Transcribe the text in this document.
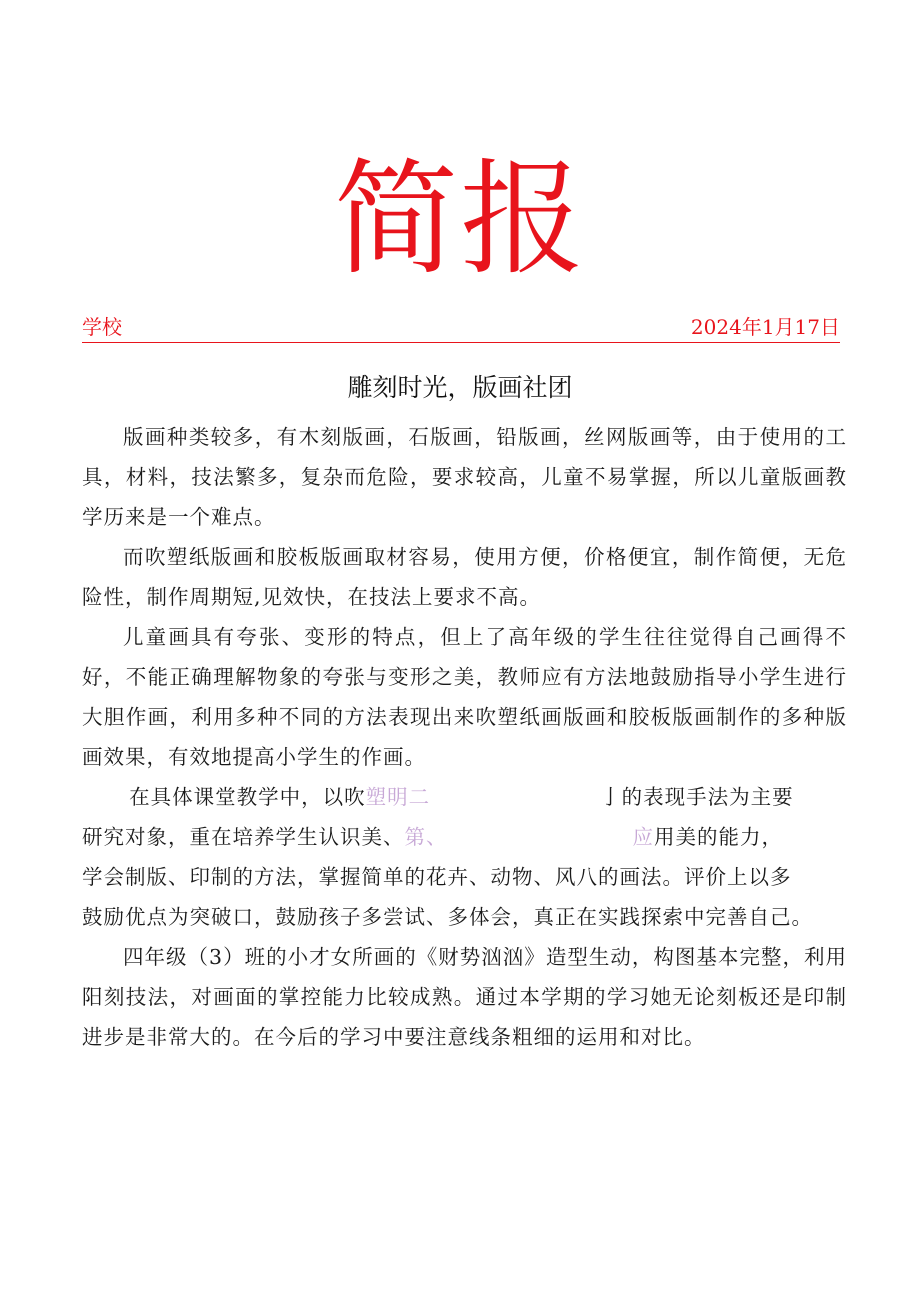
简报
学校	2024年1月17日
雕刻时光，版画社团

版画种类较多，有木刻版画，石版画，铅版画，丝网版画等，由于使用的工具，材料，技法繁多，复杂而危险，要求较高，儿童不易掌握，所以儿童版画教学历来是一个难点。

而吹塑纸版画和胶板版画取材容易，使用方便，价格便宜，制作简便，无危险性，制作周期短,见效快，在技法上要求不高。

儿童画具有夸张、变形的特点，但上了高年级的学生往往觉得自己画得不好，不能正确理解物象的夸张与变形之美，教师应有方法地鼓励指导小学生进行大胆作画，利用多种不同的方法表现出来吹塑纸画版画和胶板版画制作的多种版画效果，有效地提高小学生的作画。

在具体课堂教学中，以吹塑明二	亅的表现手法为主要
研究对象，重在培养学生认识美、第、	应用美的能力，
学会制版、印制的方法，掌握简单的花卉、动物、风八的画法。评价上以多
鼓励优点为突破口，鼓励孩子多尝试、多体会，真正在实践探索中完善自己。

四年级（3）班的小才女所画的《财势汹汹》造型生动，构图基本完整，利用阳刻技法，对画面的掌控能力比较成熟。通过本学期的学习她无论刻板还是印制进步是非常大的。在今后的学习中要注意线条粗细的运用和对比。
